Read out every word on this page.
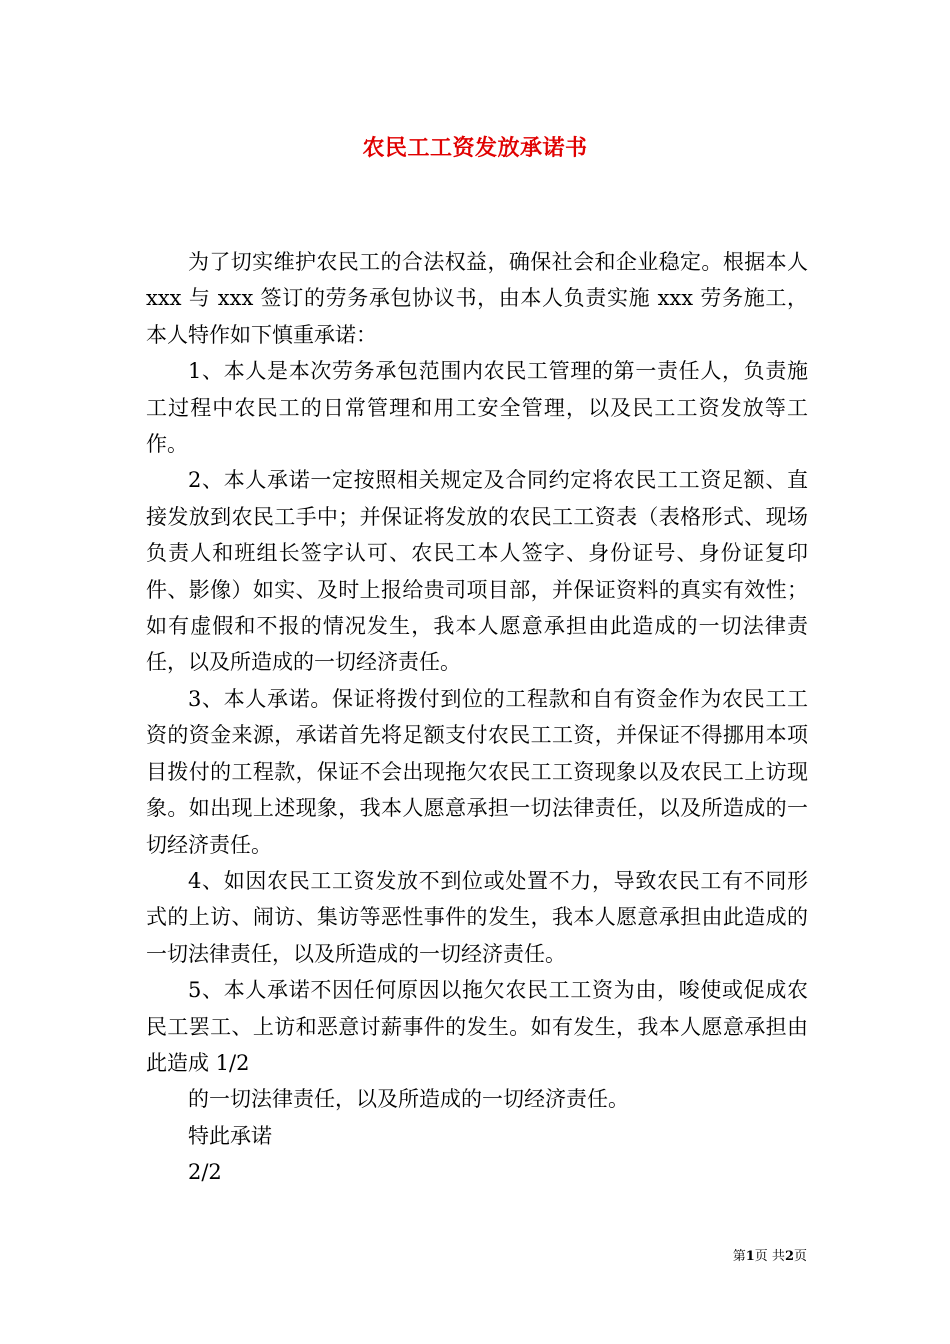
农民工工资发放承诺书

为了切实维护农民工的合法权益，确保社会和企业稳定。根据本人 xxx 与 xxx 签订的劳务承包协议书，由本人负责实施 xxx 劳务施工，本人特作如下慎重承诺：

1、本人是本次劳务承包范围内农民工管理的第一责任人，负责施工过程中农民工的日常管理和用工安全管理，以及民工工资发放等工作。

2、本人承诺一定按照相关规定及合同约定将农民工工资足额、直接发放到农民工手中；并保证将发放的农民工工资表（表格形式、现场负责人和班组长签字认可、农民工本人签字、身份证号、身份证复印件、影像）如实、及时上报给贵司项目部，并保证资料的真实有效性；如有虚假和不报的情况发生，我本人愿意承担由此造成的一切法律责任，以及所造成的一切经济责任。

3、本人承诺。保证将拨付到位的工程款和自有资金作为农民工工资的资金来源，承诺首先将足额支付农民工工资，并保证不得挪用本项目拨付的工程款，保证不会出现拖欠农民工工资现象以及农民工上访现象。如出现上述现象，我本人愿意承担一切法律责任，以及所造成的一切经济责任。

4、如因农民工工资发放不到位或处置不力，导致农民工有不同形式的上访、闹访、集访等恶性事件的发生，我本人愿意承担由此造成的一切法律责任，以及所造成的一切经济责任。

5、本人承诺不因任何原因以拖欠农民工工资为由，唆使或促成农民工罢工、上访和恶意讨薪事件的发生。如有发生，我本人愿意承担由此造成 1/2

的一切法律责任，以及所造成的一切经济责任。

特此承诺

2/2

第1页 共2页
